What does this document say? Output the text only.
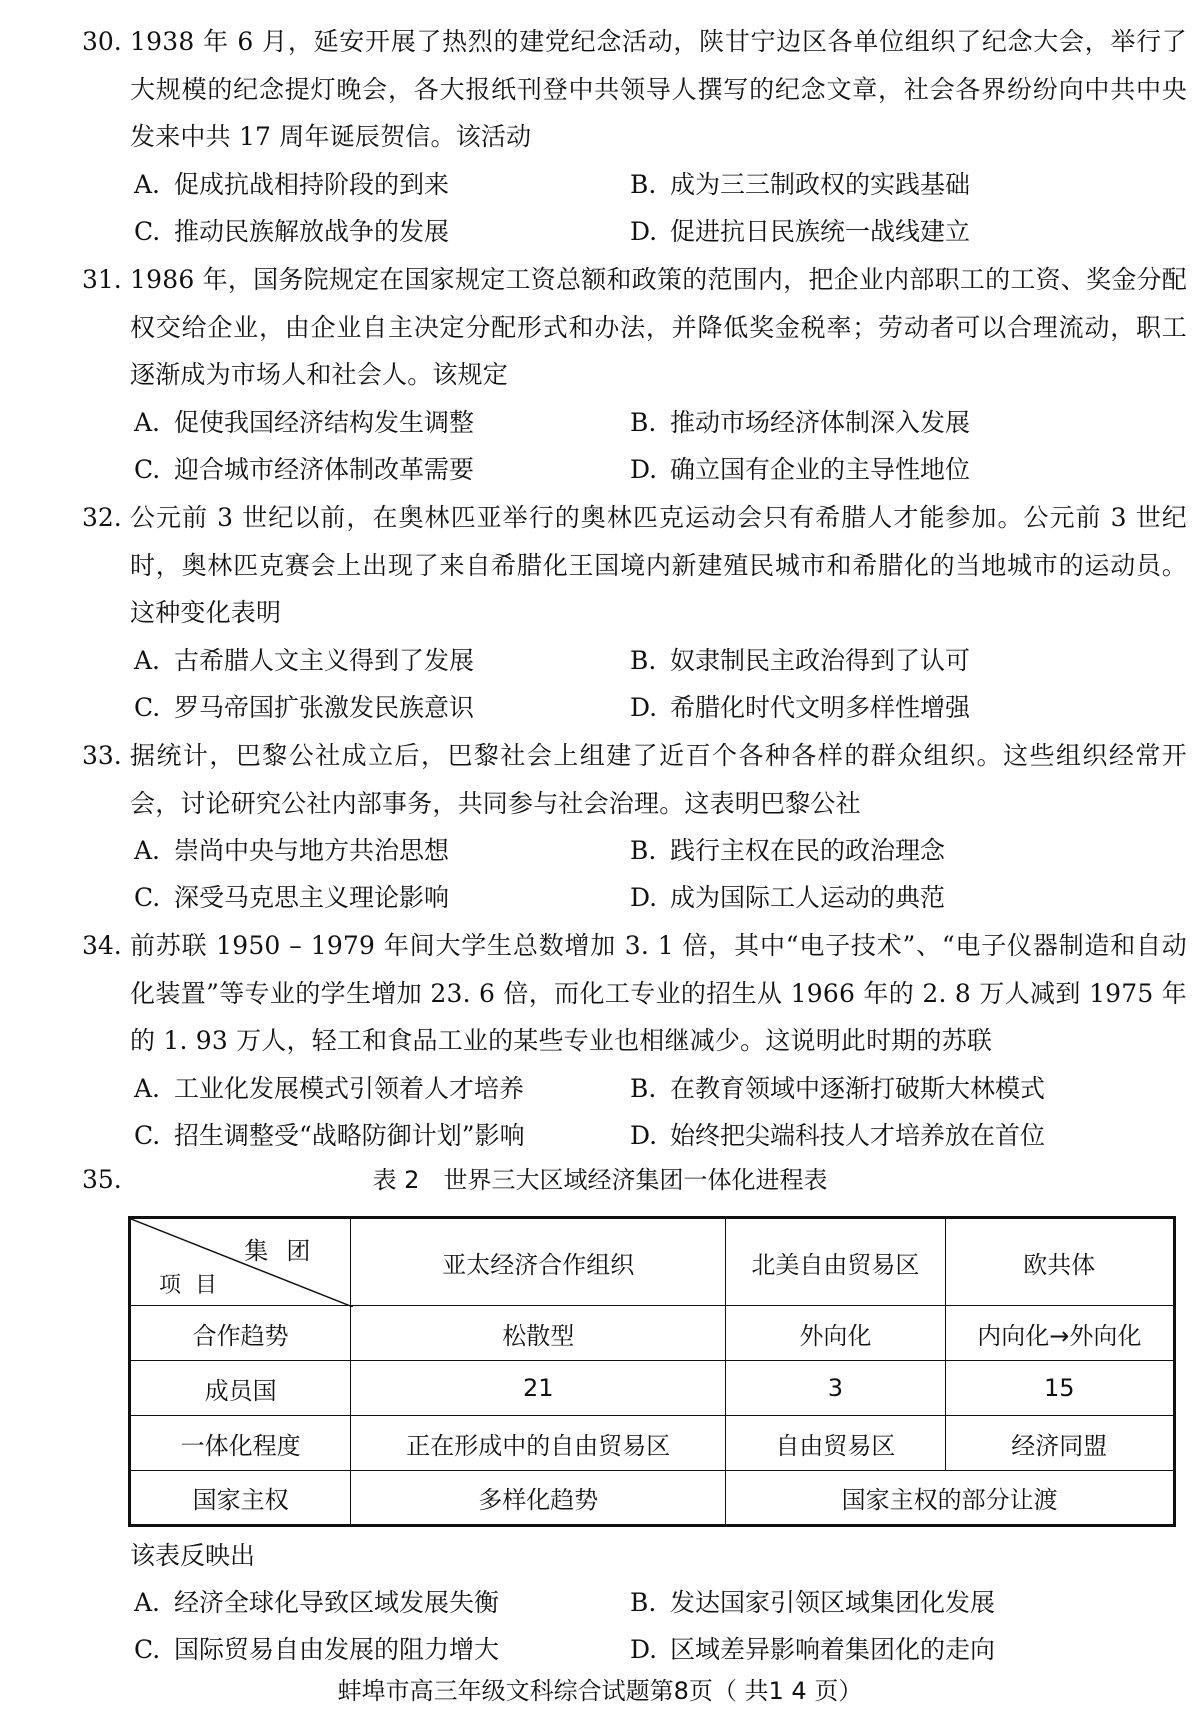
30. 1938 年 6 月，延安开展了热烈的建党纪念活动，陕甘宁边区各单位组织了纪念大会，举行了大规模的纪念提灯晚会，各大报纸刊登中共领导人撰写的纪念文章，社会各界纷纷向中共中央发来中共 17 周年诞辰贺信。该活动
A. 促成抗战相持阶段的到来	B. 成为三三制政权的实践基础
C. 推动民族解放战争的发展	D. 促进抗日民族统一战线建立
31. 1986 年，国务院规定在国家规定工资总额和政策的范围内，把企业内部职工的工资、奖金分配权交给企业，由企业自主决定分配形式和办法，并降低奖金税率；劳动者可以合理流动，职工逐渐成为市场人和社会人。该规定
A. 促使我国经济结构发生调整	B. 推动市场经济体制深入发展
C. 迎合城市经济体制改革需要	D. 确立国有企业的主导性地位
32. 公元前 3 世纪以前，在奥林匹亚举行的奥林匹克运动会只有希腊人才能参加。公元前 3 世纪时，奥林匹克赛会上出现了来自希腊化王国境内新建殖民城市和希腊化的当地城市的运动员。这种变化表明
A. 古希腊人文主义得到了发展	B. 奴隶制民主政治得到了认可
C. 罗马帝国扩张激发民族意识	D. 希腊化时代文明多样性增强
33. 据统计，巴黎公社成立后，巴黎社会上组建了近百个各种各样的群众组织。这些组织经常开会，讨论研究公社内部事务，共同参与社会治理。这表明巴黎公社
A. 崇尚中央与地方共治思想	B. 践行主权在民的政治理念
C. 深受马克思主义理论影响	D. 成为国际工人运动的典范
34. 前苏联 1950 – 1979 年间大学生总数增加 3. 1 倍，其中“电子技术”、“电子仪器制造和自动化装置”等专业的学生增加 23. 6 倍，而化工专业的招生从 1966 年的 2. 8 万人减到 1975 年的 1. 93 万人，轻工和食品工业的某些专业也相继减少。这说明此时期的苏联
A. 工业化发展模式引领着人才培养	B. 在教育领域中逐渐打破斯大林模式
C. 招生调整受“战略防御计划”影响	D. 始终把尖端科技人才培养放在首位
35.	表 2　世界三大区域经济集团一体化进程表
集团
项目	亚太经济合作组织	北美自由贸易区	欧共体
合作趋势	松散型	外向化	内向化→外向化
成员国	21	3	15
一体化程度	正在形成中的自由贸易区	自由贸易区	经济同盟
国家主权	多样化趋势	国家主权的部分让渡	
该表反映出
A. 经济全球化导致区域发展失衡	B. 发达国家引领区域集团化发展
C. 国际贸易自由发展的阻力增大	D. 区域差异影响着集团化的走向
蚌埠市高三年级文科综合试题第8页（ 共1 4 页）
